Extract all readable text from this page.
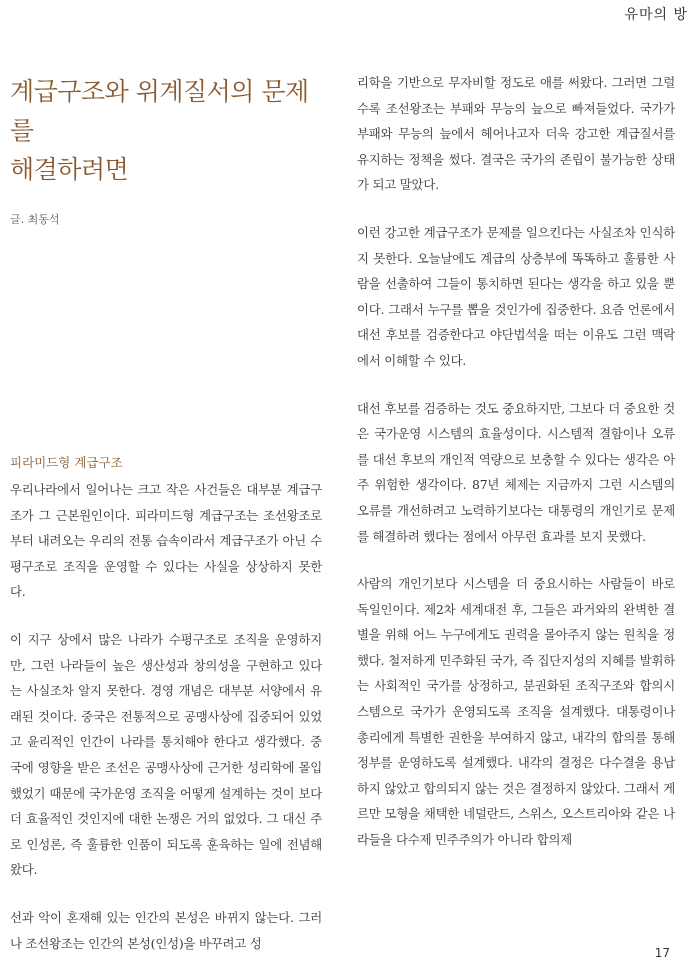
유마의 방
계급구조와 위계질서의 문제를
해결하려면
글. 최동석
피라미드형 계급구조

우리나라에서 일어나는 크고 작은 사건들은 대부분 계급구조가 그 근본원인이다. 피라미드형 계급구조는 조선왕조로부터 내려오는 우리의 전통 습속이라서 계급구조가 아닌 수평구조로 조직을 운영할 수 있다는 사실을 상상하지 못한다.

이 지구 상에서 많은 나라가 수평구조로 조직을 운영하지만, 그런 나라들이 높은 생산성과 창의성을 구현하고 있다는 사실조차 알지 못한다. 경영 개념은 대부분 서양에서 유래된 것이다. 중국은 전통적으로 공맹사상에 집중되어 있었고 윤리적인 인간이 나라를 통치해야 한다고 생각했다. 중국에 영향을 받은 조선은 공맹사상에 근거한 성리학에 몰입했었기 때문에 국가운영 조직을 어떻게 설계하는 것이 보다 더 효율적인 것인지에 대한 논쟁은 거의 없었다. 그 대신 주로 인성론, 즉 훌륭한 인품이 되도록 훈육하는 일에 전념해왔다.

선과 악이 혼재해 있는 인간의 본성은 바뀌지 않는다. 그러나 조선왕조는 인간의 본성(인성)을 바꾸려고 성

리학을 기반으로 무자비할 정도로 애를 써왔다. 그러면 그럴수록 조선왕조는 부패와 무능의 늪으로 빠져들었다. 국가가 부패와 무능의 늪에서 헤어나고자 더욱 강고한 계급질서를 유지하는 정책을 썼다. 결국은 국가의 존립이 불가능한 상태가 되고 말았다.

이런 강고한 계급구조가 문제를 일으킨다는 사실조차 인식하지 못한다. 오늘날에도 계급의 상층부에 똑똑하고 훌륭한 사람을 선출하여 그들이 통치하면 된다는 생각을 하고 있을 뿐이다. 그래서 누구를 뽑을 것인가에 집중한다. 요즘 언론에서 대선 후보를 검증한다고 야단법석을 떠는 이유도 그런 맥락에서 이해할 수 있다.

대선 후보를 검증하는 것도 중요하지만, 그보다 더 중요한 것은 국가운영 시스템의 효율성이다. 시스템적 결함이나 오류를 대선 후보의 개인적 역량으로 보충할 수 있다는 생각은 아주 위험한 생각이다. 87년 체제는 지금까지 그런 시스템의 오류를 개선하려고 노력하기보다는 대통령의 개인기로 문제를 해결하려 했다는 점에서 아무런 효과를 보지 못했다.

사람의 개인기보다 시스템을 더 중요시하는 사람들이 바로 독일인이다. 제2차 세계대전 후, 그들은 과거와의 완벽한 결별을 위해 어느 누구에게도 권력을 몰아주지 않는 원칙을 정했다. 철저하게 민주화된 국가, 즉 집단지성의 지혜를 발휘하는 사회적인 국가를 상정하고, 분권화된 조직구조와 합의시스템으로 국가가 운영되도록 조직을 설계했다. 대통령이나 총리에게 특별한 권한을 부여하지 않고, 내각의 합의를 통해 정부를 운영하도록 설계했다. 내각의 결정은 다수결을 용납하지 않았고 합의되지 않는 것은 결정하지 않았다. 그래서 게르만 모형을 채택한 네덜란드, 스위스, 오스트리아와 같은 나라들을 다수제 민주주의가 아니라 합의제

17
